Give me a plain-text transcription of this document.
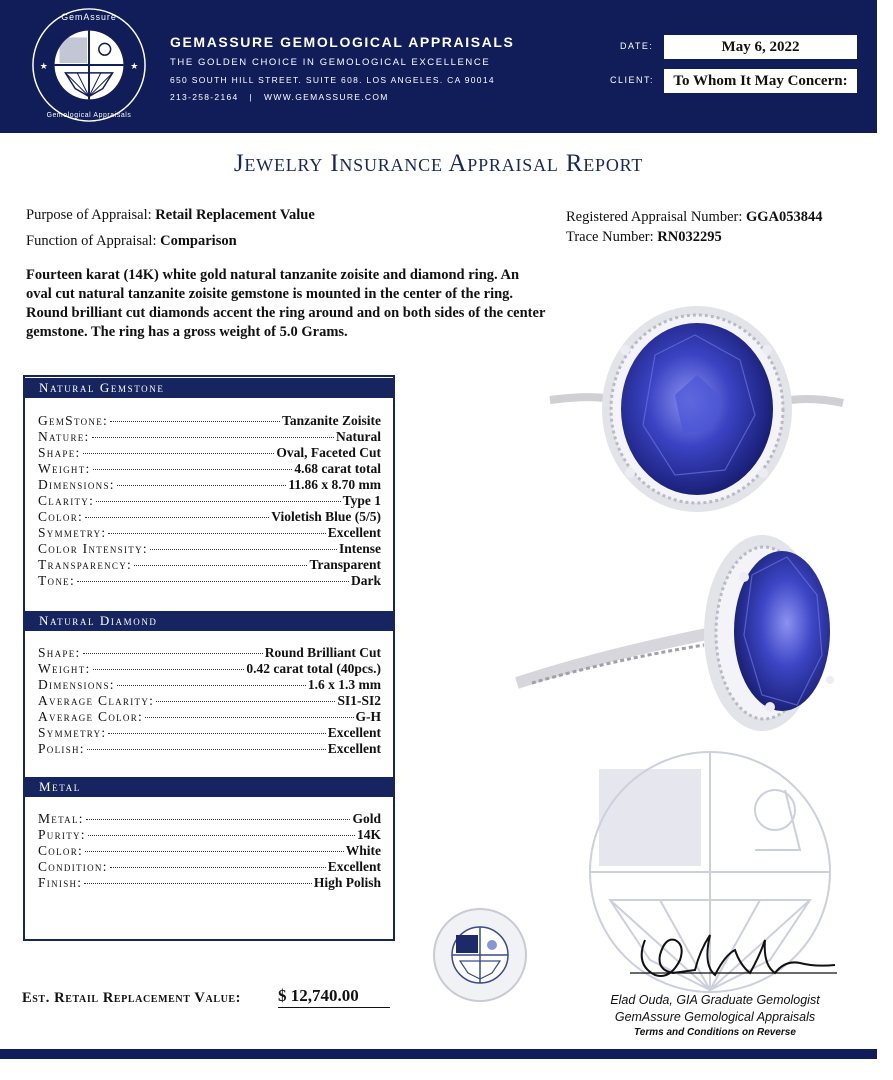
GemAssure
Gemological Appraisals
★	★
GEMASSURE GEMOLOGICAL APPRAISALS
THE GOLDEN CHOICE IN GEMOLOGICAL EXCELLENCE
650 SOUTH HILL STREET. SUITE 608. LOS ANGELES. CA 90014
213-258-2164   |   WWW.GEMASSURE.COM
DATE:	May 6, 2022
CLIENT:	To Whom It May Concern:
Jewelry Insurance Appraisal Report
Purpose of Appraisal: Retail Replacement Value
Function of Appraisal: Comparison
Registered Appraisal Number: GGA053844
Trace Number: RN032295
Fourteen karat (14K) white gold natural tanzanite zoisite and diamond ring. An oval cut natural tanzanite zoisite gemstone is mounted in the center of the ring. Round brilliant cut diamonds accent the ring around and on both sides of the center gemstone. The ring has a gross weight of 5.0 Grams.
Natural Gemstone
GemStone:	Tanzanite Zoisite
Nature:	Natural
Shape:	Oval, Faceted Cut
Weight:	4.68 carat total
Dimensions:	11.86 x 8.70 mm
Clarity:	Type 1
Color:	Violetish Blue (5/5)
Symmetry:	Excellent
Color Intensity:	Intense
Transparency:	Transparent
Tone:	Dark
Natural Diamond
Shape:	Round Brilliant Cut
Weight:	0.42 carat total (40pcs.)
Dimensions:	1.6 x 1.3 mm
Average Clarity:	SI1-SI2
Average Color:	G-H
Symmetry:	Excellent
Polish:	Excellent
Metal
Metal:	Gold
Purity:	14K
Color:	White
Condition:	Excellent
Finish:	High Polish
Est. Retail Replacement Value: $ 12,740.00	Elad Ouda, GIA Graduate Gemologist
GemAssure Gemological Appraisals
Terms and Conditions on Reverse
